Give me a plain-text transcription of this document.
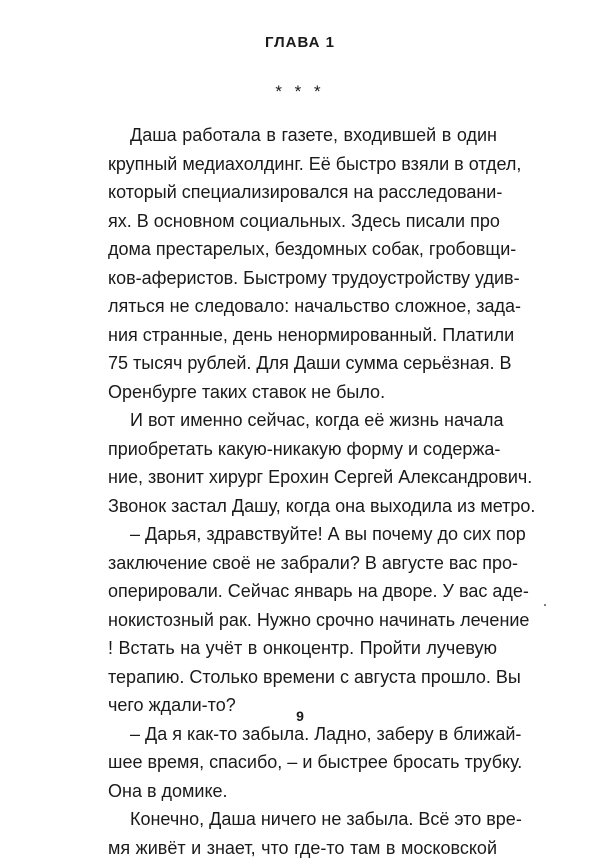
ГЛАВА 1
* * *
Даша работала в газете, входившей в один
крупный медиахолдинг. Её быстро взяли в отдел,
который специализировался на расследовани-
ях. В основном социальных. Здесь писали про
дома престарелых, бездомных собак, гробовщи-
ков-аферистов. Быстрому трудоустройству удив-
ляться не следовало: начальство сложное, зада-
ния странные, день ненормированный. Платили
75 тысяч рублей. Для Даши сумма серьёзная. В
Оренбурге таких ставок не было.
И вот именно сейчас, когда её жизнь начала
приобретать какую-никакую форму и содержа-
ние, звонит хирург Ерохин Сергей Александрович.
Звонок застал Дашу, когда она выходила из метро.
– Дарья, здравствуйте! А вы почему до сих пор
заключение своё не забрали? В августе вас про-
оперировали. Сейчас январь на дворе. У вас аде-
нокистозный рак. Нужно срочно начинать лечение
! Встать на учёт в онкоцентр. Пройти лучевую
терапию. Столько времени с августа прошло. Вы
чего ждали-то?
– Да я как-то забыла. Ладно, заберу в ближай-
шее время, спасибо, – и быстрее бросать трубку.
Она в домике.
Конечно, Даша ничего не забыла. Всё это вре-
мя живёт и знает, что где-то там в московской
9
